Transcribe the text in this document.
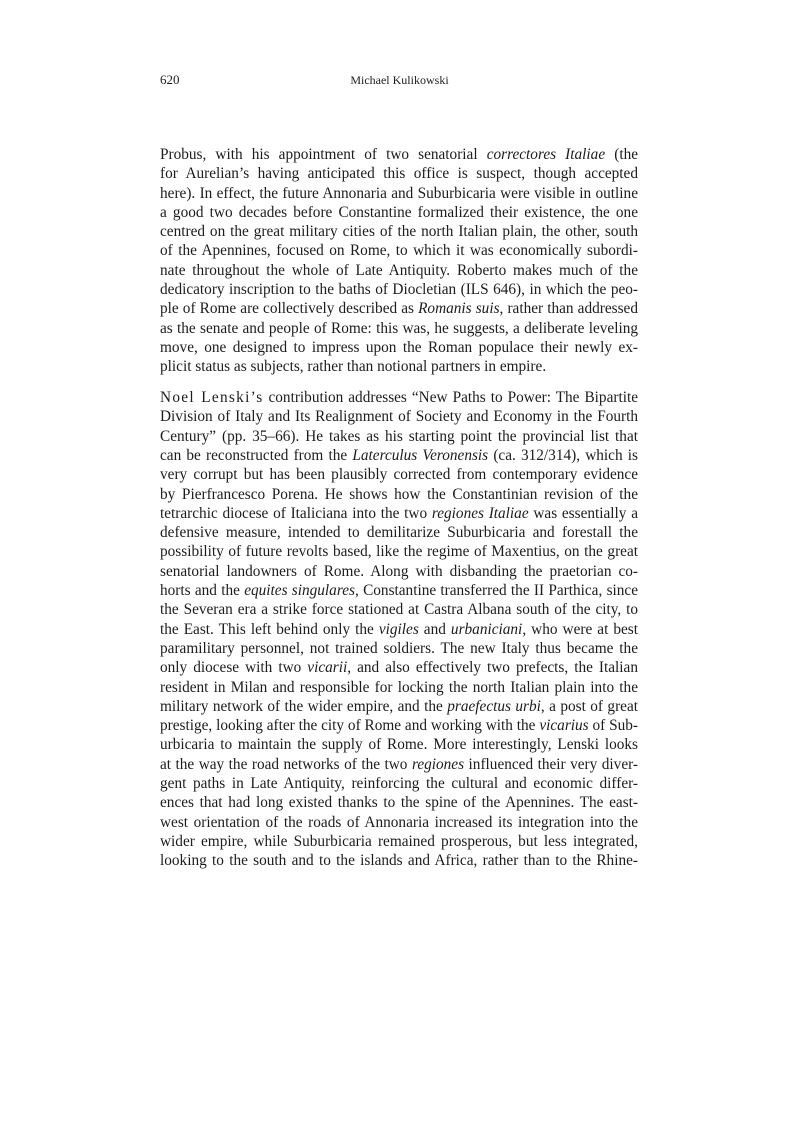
620	Michael Kulikowski
Probus, with his appointment of two senatorial correctores Italiae (the
for Aurelian’s having anticipated this office is suspect, though accepted
here). In effect, the future Annonaria and Suburbicaria were visible in outline
a good two decades before Constantine formalized their existence, the one
centred on the great military cities of the north Italian plain, the other, south
of the Apennines, focused on Rome, to which it was economically subordi-
nate throughout the whole of Late Antiquity. Roberto makes much of the
dedicatory inscription to the baths of Diocletian (ILS 646), in which the peo-
ple of Rome are collectively described as Romanis suis, rather than addressed
as the senate and people of Rome: this was, he suggests, a deliberate leveling
move, one designed to impress upon the Roman populace their newly ex-
plicit status as subjects, rather than notional partners in empire.
Noel Lenski’s contribution addresses “New Paths to Power: The Bipartite
Division of Italy and Its Realignment of Society and Economy in the Fourth
Century” (pp. 35–66). He takes as his starting point the provincial list that
can be reconstructed from the Laterculus Veronensis (ca. 312/314), which is
very corrupt but has been plausibly corrected from contemporary evidence
by Pierfrancesco Porena. He shows how the Constantinian revision of the
tetrarchic diocese of Italiciana into the two regiones Italiae was essentially a
defensive measure, intended to demilitarize Suburbicaria and forestall the
possibility of future revolts based, like the regime of Maxentius, on the great
senatorial landowners of Rome. Along with disbanding the praetorian co-
horts and the equites singulares, Constantine transferred the II Parthica, since
the Severan era a strike force stationed at Castra Albana south of the city, to
the East. This left behind only the vigiles and urbaniciani, who were at best
paramilitary personnel, not trained soldiers. The new Italy thus became the
only diocese with two vicarii, and also effectively two prefects, the Italian
resident in Milan and responsible for locking the north Italian plain into the
military network of the wider empire, and the praefectus urbi, a post of great
prestige, looking after the city of Rome and working with the vicarius of Sub-
urbicaria to maintain the supply of Rome. More interestingly, Lenski looks
at the way the road networks of the two regiones influenced their very diver-
gent paths in Late Antiquity, reinforcing the cultural and economic differ-
ences that had long existed thanks to the spine of the Apennines. The east-
west orientation of the roads of Annonaria increased its integration into the
wider empire, while Suburbicaria remained prosperous, but less integrated,
looking to the south and to the islands and Africa, rather than to the Rhine-
